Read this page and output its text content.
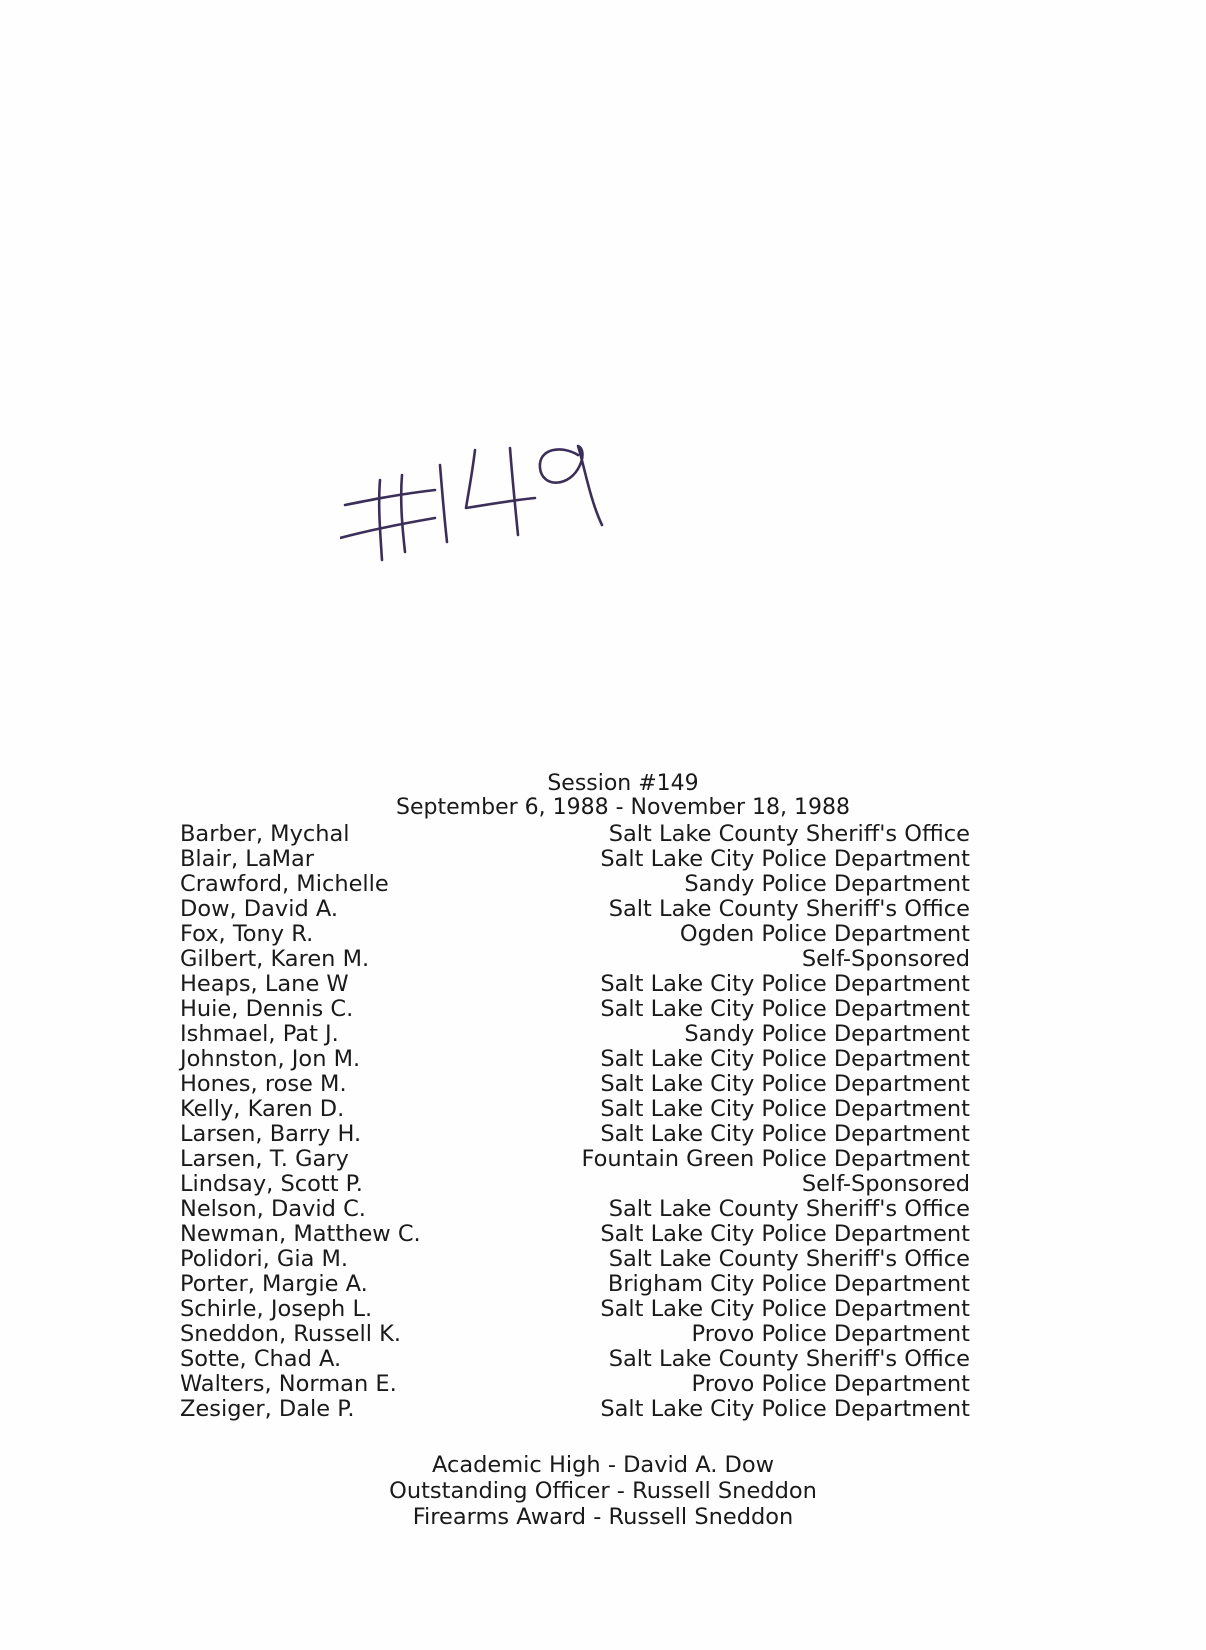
Session #149
September 6, 1988 - November 18, 1988
Barber, Mychal	Salt Lake County Sheriff's Office
Blair, LaMar	Salt Lake City Police Department
Crawford, Michelle	Sandy Police Department
Dow, David A.	Salt Lake County Sheriff's Office
Fox, Tony R.	Ogden Police Department
Gilbert, Karen M.	Self-Sponsored
Heaps, Lane W	Salt Lake City Police Department
Huie, Dennis C.	Salt Lake City Police Department
Ishmael, Pat J.	Sandy Police Department
Johnston, Jon M.	Salt Lake City Police Department
Hones, rose M.	Salt Lake City Police Department
Kelly, Karen D.	Salt Lake City Police Department
Larsen, Barry H.	Salt Lake City Police Department
Larsen, T. Gary	Fountain Green Police Department
Lindsay, Scott P.	Self-Sponsored
Nelson, David C.	Salt Lake County Sheriff's Office
Newman, Matthew C.	Salt Lake City Police Department
Polidori, Gia M.	Salt Lake County Sheriff's Office
Porter, Margie A.	Brigham City Police Department
Schirle, Joseph L.	Salt Lake City Police Department
Sneddon, Russell K.	Provo Police Department
Sotte, Chad A.	Salt Lake County Sheriff's Office
Walters, Norman E.	Provo Police Department
Zesiger, Dale P.	Salt Lake City Police Department
Academic High - David A. Dow
Outstanding Officer - Russell Sneddon
Firearms Award - Russell Sneddon
